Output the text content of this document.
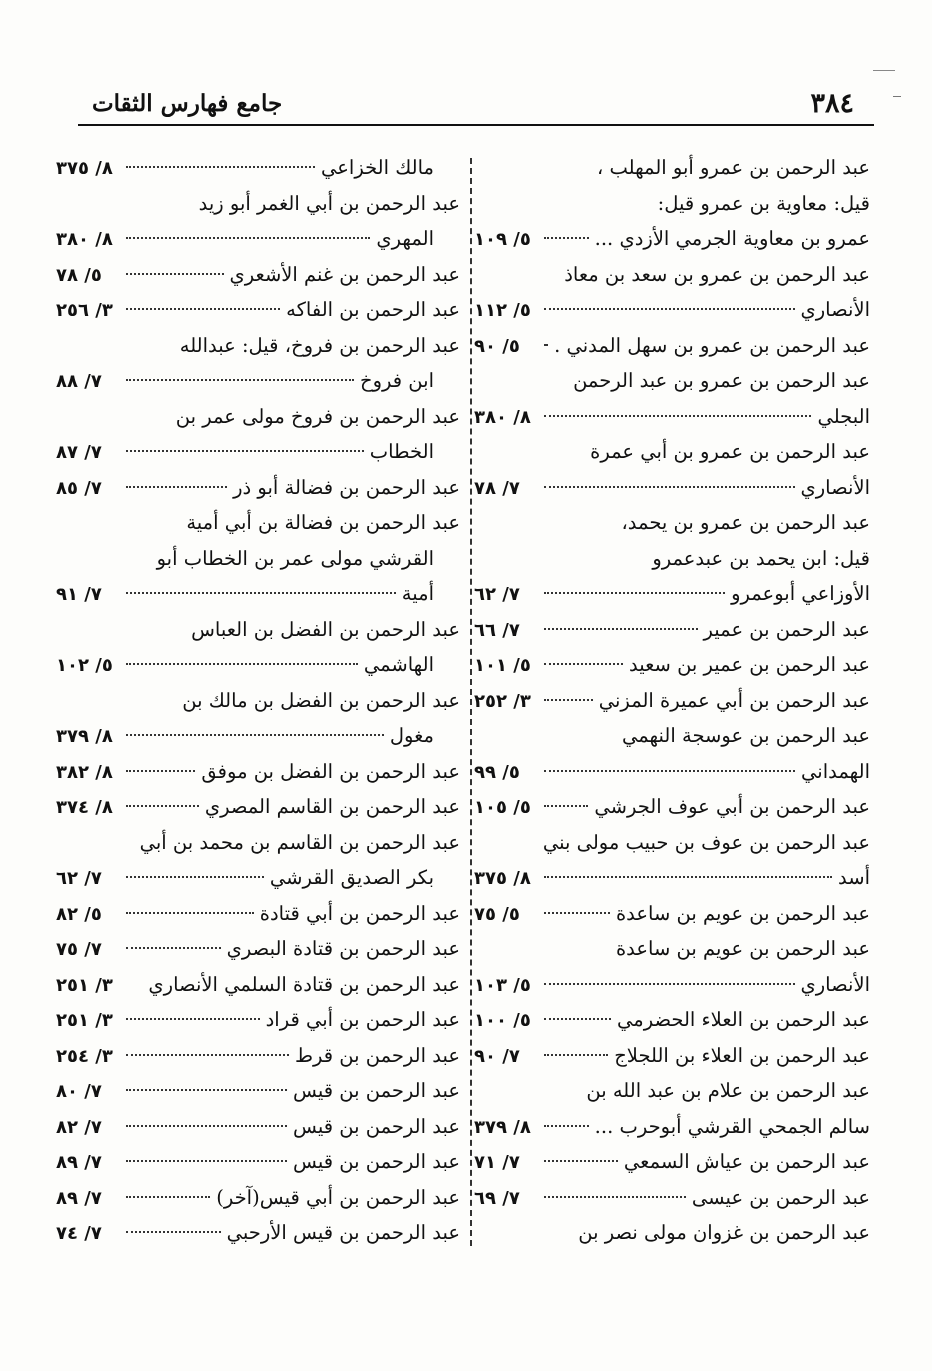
٣٨٤
جامع فهارس الثقات
عبد الرحمن بن عمرو أبو المهلب ،
قيل: معاوية بن عمرو قيل:
عمرو بن معاوية الجرمي الأزدي ...
٥/ ١٠٩
عبد الرحمن بن عمرو بن سعد بن معاذ
الأنصاري
٥/ ١١٢
عبد الرحمن بن عمرو بن سهل المدني .
٥/ ٩٠
عبد الرحمن بن عمرو بن عبد الرحمن
البجلي
٨/ ٣٨٠
عبد الرحمن بن عمرو بن أبي عمرة
الأنصاري
٧/ ٧٨
عبد الرحمن بن عمرو بن يحمد،
قيل: ابن يحمد بن عبدعمرو
الأوزاعي أبوعمرو
٧/ ٦٢
عبد الرحمن بن عمير
٧/ ٦٦
عبد الرحمن بن عمير بن سعيد
٥/ ١٠١
عبد الرحمن بن أبي عميرة المزني
٣/ ٢٥٢
عبد الرحمن بن عوسجة النهمي
الهمداني
٥/ ٩٩
عبد الرحمن بن أبي عوف الجرشي
٥/ ١٠٥
عبد الرحمن بن عوف بن حبيب مولى بني
أسد
٨/ ٣٧٥
عبد الرحمن بن عويم بن ساعدة
٥/ ٧٥
عبد الرحمن بن عويم بن ساعدة
الأنصاري
٥/ ١٠٣
عبد الرحمن بن العلاء الحضرمي
٥/ ١٠٠
عبد الرحمن بن العلاء بن اللجلاج
٧/ ٩٠
عبد الرحمن بن علام بن عبد الله بن
سالم الجمحي القرشي أبوحرب ...
٨/ ٣٧٩
عبد الرحمن بن عياش السمعي
٧/ ٧١
عبد الرحمن بن عيسى
٧/ ٦٩
عبد الرحمن بن غزوان مولى نصر بن
مالك الخزاعي
٨/ ٣٧٥
عبد الرحمن بن أبي الغمر أبو زيد
المهري
٨/ ٣٨٠
عبد الرحمن بن غنم الأشعري
٥/ ٧٨
عبد الرحمن بن الفاكه
٣/ ٢٥٦
عبد الرحمن بن فروخ، قيل: عبدالله
ابن فروخ
٧/ ٨٨
عبد الرحمن بن فروخ مولى عمر بن
الخطاب
٧/ ٨٧
عبد الرحمن بن فضالة أبو ذر
٧/ ٨٥
عبد الرحمن بن فضالة بن أبي أمية
القرشي مولى عمر بن الخطاب أبو
أمية
٧/ ٩١
عبد الرحمن بن الفضل بن العباس
الهاشمي
٥/ ١٠٢
عبد الرحمن بن الفضل بن مالك بن
مغول
٨/ ٣٧٩
عبد الرحمن بن الفضل بن موفق
٨/ ٣٨٢
عبد الرحمن بن القاسم المصري
٨/ ٣٧٤
عبد الرحمن بن القاسم بن محمد بن أبي
بكر الصديق القرشي
٧/ ٦٢
عبد الرحمن بن أبي قتادة
٥/ ٨٢
عبد الرحمن بن قتادة البصري
٧/ ٧٥
عبد الرحمن بن قتادة السلمي الأنصاري
٣/ ٢٥١
عبد الرحمن بن أبي قراد
٣/ ٢٥١
عبد الرحمن بن قرط
٣/ ٢٥٤
عبد الرحمن بن قيس
٧/ ٨٠
عبد الرحمن بن قيس
٧/ ٨٢
عبد الرحمن بن قيس
٧/ ٨٩
عبد الرحمن بن أبي قيس(آخر)
٧/ ٨٩
عبد الرحمن بن قيس الأرحبي
٧/ ٧٤
